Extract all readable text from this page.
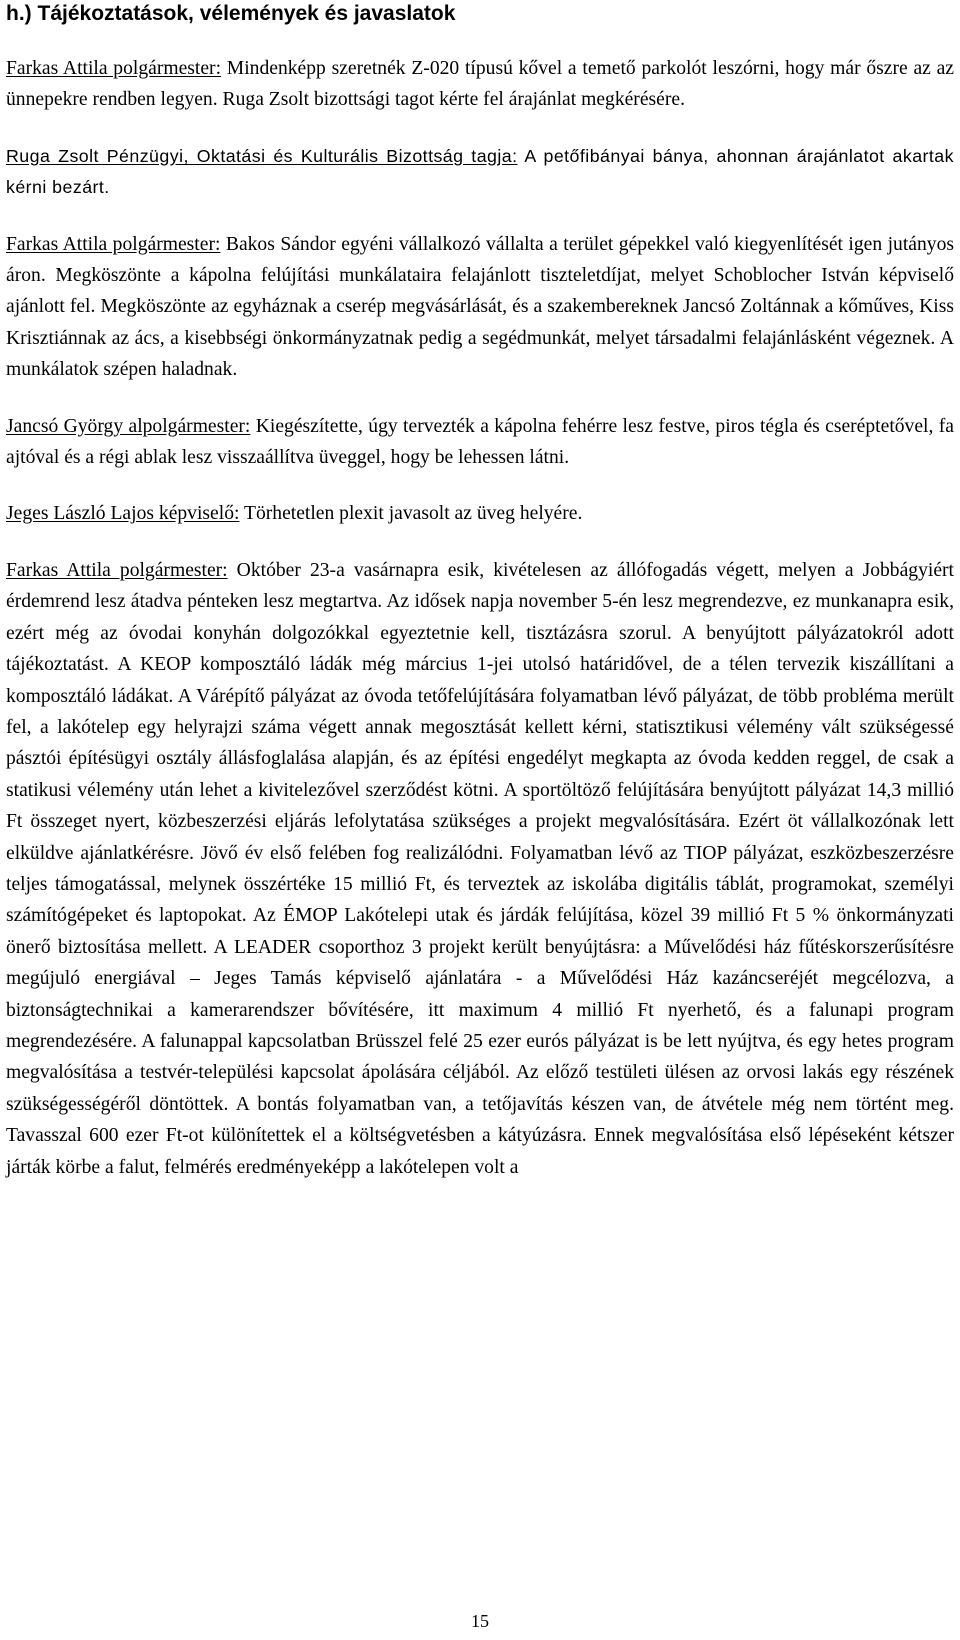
h.) Tájékoztatások, vélemények és javaslatok

Farkas Attila polgármester: Mindenképp szeretnék Z-020 típusú kővel a temető parkolót leszórni, hogy már őszre az az ünnepekre rendben legyen. Ruga Zsolt bizottsági tagot kérte fel árajánlat megkérésére.

Ruga Zsolt Pénzügyi, Oktatási és Kulturális Bizottság tagja: A petőfibányai bánya, ahonnan árajánlatot akartak kérni bezárt.

Farkas Attila polgármester: Bakos Sándor egyéni vállalkozó vállalta a terület gépekkel való kiegyenlítését igen jutányos áron. Megköszönte a kápolna felújítási munkálataira felajánlott tiszteletdíjat, melyet Schoblocher István képviselő ajánlott fel. Megköszönte az egyháznak a cserép megvásárlását, és a szakembereknek Jancsó Zoltánnak a kőműves, Kiss Krisztiánnak az ács, a kisebbségi önkormányzatnak pedig a segédmunkát, melyet társadalmi felajánlásként végeznek. A munkálatok szépen haladnak.

Jancsó György alpolgármester: Kiegészítette, úgy tervezték a kápolna fehérre lesz festve, piros tégla és cseréptetővel, fa ajtóval és a régi ablak lesz visszaállítva üveggel, hogy be lehessen látni.

Jeges László Lajos képviselő: Törhetetlen plexit javasolt az üveg helyére.

Farkas Attila polgármester: Október 23-a vasárnapra esik, kivételesen az állófogadás végett, melyen a Jobbágyiért érdemrend lesz átadva pénteken lesz megtartva. Az idősek napja november 5-én lesz megrendezve, ez munkanapra esik, ezért még az óvodai konyhán dolgozókkal egyeztetnie kell, tisztázásra szorul. A benyújtott pályázatokról adott tájékoztatást. A KEOP komposztáló ládák még március 1-jei utolsó határidővel, de a télen tervezik kiszállítani a komposztáló ládákat. A Várépítő pályázat az óvoda tetőfelújítására folyamatban lévő pályázat, de több probléma merült fel, a lakótelep egy helyrajzi száma végett annak megosztását kellett kérni, statisztikusi vélemény vált szükségessé pásztói építésügyi osztály állásfoglalása alapján, és az építési engedélyt megkapta az óvoda kedden reggel, de csak a statikusi vélemény után lehet a kivitelezővel szerződést kötni. A sportöltöző felújítására benyújtott pályázat 14,3 millió Ft összeget nyert, közbeszerzési eljárás lefolytatása szükséges a projekt megvalósítására. Ezért öt vállalkozónak lett elküldve ajánlatkérésre. Jövő év első felében fog realizálódni. Folyamatban lévő az TIOP pályázat, eszközbeszerzésre teljes támogatással, melynek összértéke 15 millió Ft, és terveztek az iskolába digitális táblát, programokat, személyi számítógépeket és laptopokat. Az ÉMOP Lakótelepi utak és járdák felújítása, közel 39 millió Ft 5 % önkormányzati önerő biztosítása mellett. A LEADER csoporthoz 3 projekt került benyújtásra: a Művelődési ház fűtéskorszerűsítésre megújuló energiával – Jeges Tamás képviselő ajánlatára - a Művelődési Ház kazáncseréjét megcélozva, a biztonságtechnikai a kamerarendszer bővítésére, itt maximum 4 millió Ft nyerhető, és a falunapi program megrendezésére. A falunappal kapcsolatban Brüsszel felé 25 ezer eurós pályázat is be lett nyújtva, és egy hetes program megvalósítása a testvér-települési kapcsolat ápolására céljából. Az előző testületi ülésen az orvosi lakás egy részének szükségességéről döntöttek. A bontás folyamatban van, a tetőjavítás készen van, de átvétele még nem történt meg. Tavasszal 600 ezer Ft-ot különítettek el a költségvetésben a kátyúzásra. Ennek megvalósítása első lépéseként kétszer járták körbe a falut, felmérés eredményeképp a lakótelepen volt a

15
